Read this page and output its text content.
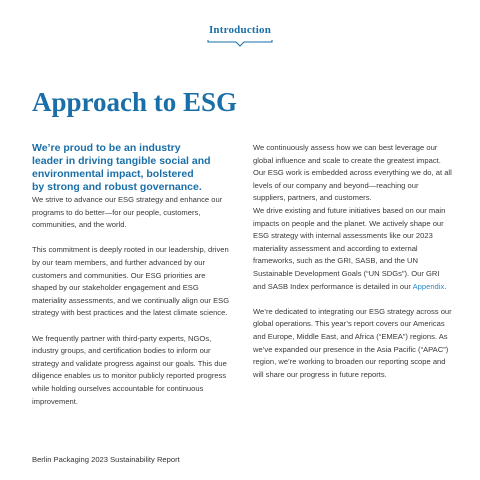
Introduction
Approach to ESG

We’re proud to be an industry
leader in driving tangible social and
environmental impact, bolstered
by strong and robust governance.

We strive to advance our ESG strategy and enhance our programs to do better—for our people, customers, communities, and the world.

This commitment is deeply rooted in our leadership, driven by our team members, and further advanced by our customers and communities. Our ESG priorities are shaped by our stakeholder engagement and ESG materiality assessments, and we continually align our ESG strategy with best practices and the latest climate science.

We frequently partner with third-party experts, NGOs, industry groups, and certification bodies to inform our strategy and validate progress against our goals. This due diligence enables us to monitor publicly reported progress while holding ourselves accountable for continuous improvement.

We continuously assess how we can best leverage our global influence and scale to create the greatest impact. Our ESG work is embedded across everything we do, at all levels of our company and beyond—reaching our suppliers, partners, and customers.

We drive existing and future initiatives based on our main impacts on people and the planet. We actively shape our ESG strategy with internal assessments like our 2023 materiality assessment and according to external frameworks, such as the GRI, SASB, and the UN Sustainable Development Goals (“UN SDGs”). Our GRI and SASB Index performance is detailed in our Appendix.

We’re dedicated to integrating our ESG strategy across our global operations. This year’s report covers our Americas and Europe, Middle East, and Africa (“EMEA”) regions. As we’ve expanded our presence in the Asia Pacific (“APAC”) region, we’re working to broaden our reporting scope and will share our progress in future reports.

Berlin Packaging 2023 Sustainability Report
